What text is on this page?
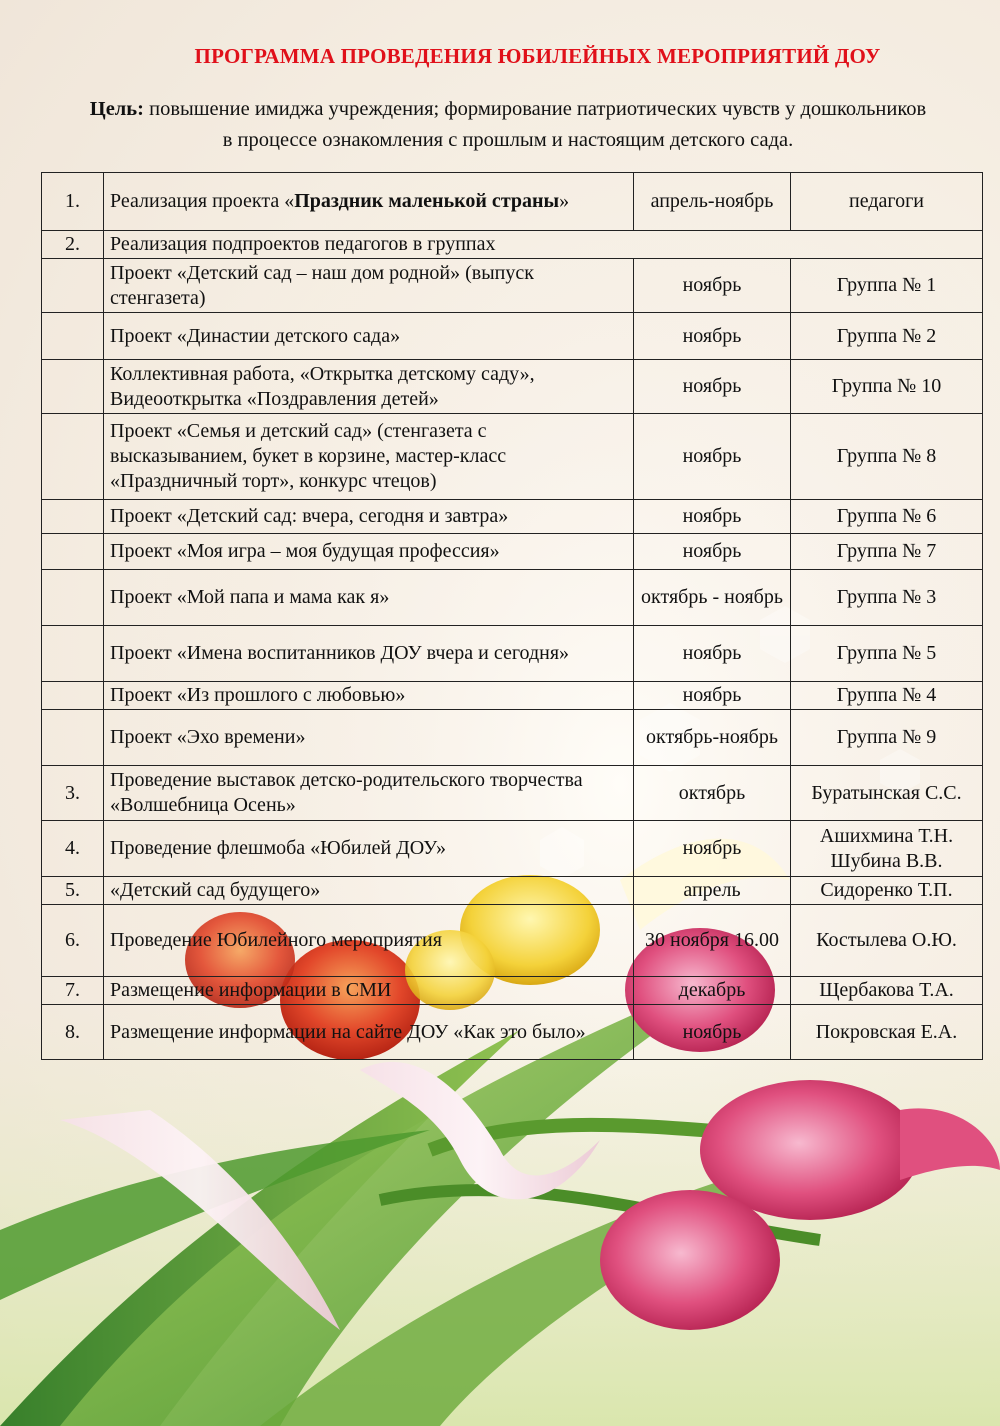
ПРОГРАММА ПРОВЕДЕНИЯ ЮБИЛЕЙНЫХ МЕРОПРИЯТИЙ ДОУ
Цель: повышение имиджа учреждения; формирование патриотических чувств у дошкольников в процессе ознакомления с прошлым и настоящим детского сада.
1.	Реализация проекта «Праздник маленькой страны»	апрель-ноябрь	педагоги
2.	Реализация подпроектов педагогов в группах		
	Проект «Детский сад – наш дом родной» (выпуск стенгазета)	ноябрь	Группа № 1
	Проект «Династии детского сада»	ноябрь	Группа № 2
	Коллективная работа, «Открытка детскому саду», Видеооткрытка «Поздравления детей»	ноябрь	Группа № 10
	Проект «Семья и детский сад» (стенгазета с высказыванием, букет в корзине, мастер-класс «Праздничный торт», конкурс чтецов)	ноябрь	Группа № 8
	Проект «Детский сад: вчера, сегодня и завтра»	ноябрь	Группа № 6
	Проект «Моя игра – моя будущая профессия»	ноябрь	Группа № 7
	Проект «Мой папа и мама как я»	октябрь - ноябрь	Группа № 3
	Проект «Имена воспитанников ДОУ вчера и сегодня»	ноябрь	Группа № 5
	Проект «Из прошлого с любовью»	ноябрь	Группа № 4
	Проект «Эхо времени»	октябрь-ноябрь	Группа № 9
3.	Проведение выставок детско-родительского творчества «Волшебница Осень»	октябрь	Буратынская С.С.
4.	Проведение флешмоба «Юбилей ДОУ»	ноябрь	Ашихмина Т.Н. Шубина В.В.
5.	«Детский сад будущего»	апрель	Сидоренко Т.П.
6.	Проведение Юбилейного мероприятия	30 ноября 16.00	Костылева О.Ю.
7.	Размещение информации в СМИ	декабрь	Щербакова Т.А.
8.	Размещение информации на сайте ДОУ «Как это было»	ноябрь	Покровская Е.А.
